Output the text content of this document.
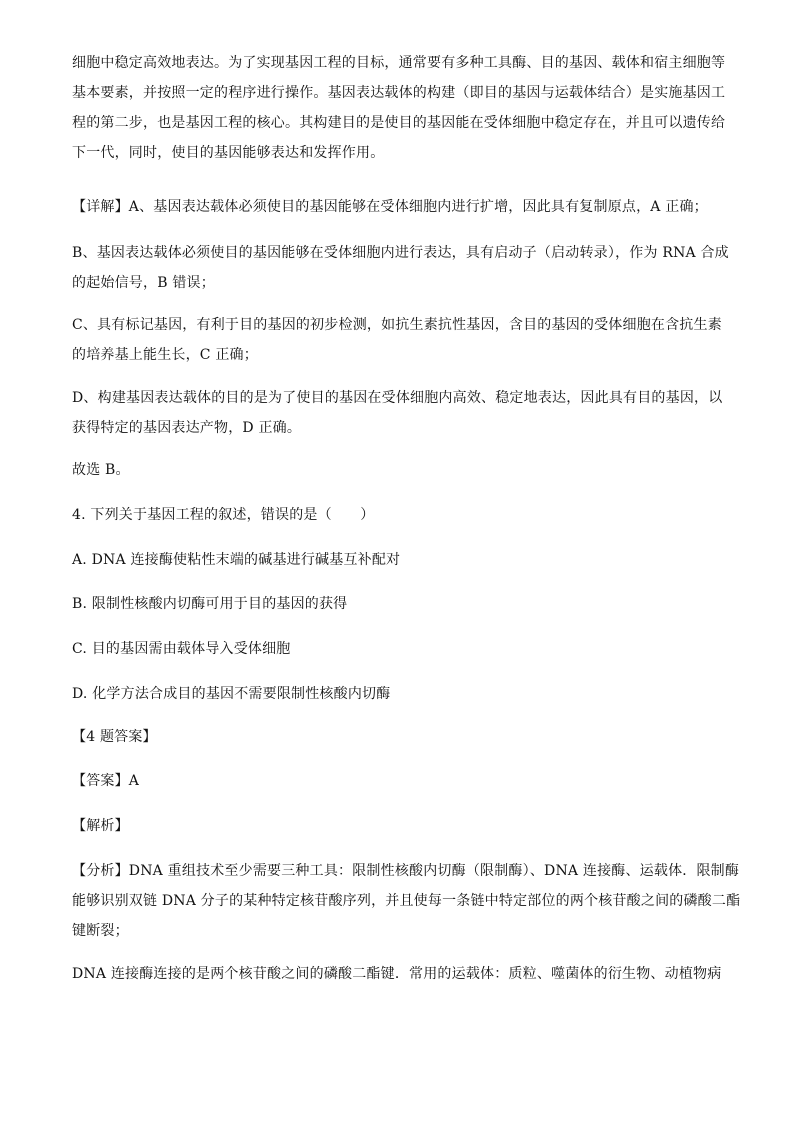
细胞中稳定高效地表达。为了实现基因工程的目标，通常要有多种工具酶、目的基因、载体和宿主细胞等
基本要素，并按照一定的程序进行操作。基因表达载体的构建（即目的基因与运载体结合）是实施基因工
程的第二步，也是基因工程的核心。其构建目的是使目的基因能在受体细胞中稳定存在，并且可以遗传给
下一代，同时，使目的基因能够表达和发挥作用。
【详解】A、基因表达载体必须使目的基因能够在受体细胞内进行扩增，因此具有复制原点，A 正确；
B、基因表达载体必须使目的基因能够在受体细胞内进行表达，具有启动子（启动转录），作为 RNA 合成
的起始信号，B 错误；
C、具有标记基因，有利于目的基因的初步检测，如抗生素抗性基因，含目的基因的受体细胞在含抗生素
的培养基上能生长，C 正确；
D、构建基因表达载体的目的是为了使目的基因在受体细胞内高效、稳定地表达，因此具有目的基因，以
获得特定的基因表达产物，D 正确。
故选 B。
4. 下列关于基因工程的叙述，错误的是（　　）
A. DNA 连接酶使粘性末端的碱基进行碱基互补配对
B. 限制性核酸内切酶可用于目的基因的获得
C. 目的基因需由载体导入受体细胞
D. 化学方法合成目的基因不需要限制性核酸内切酶
【4 题答案】
【答案】A
【解析】
【分析】DNA 重组技术至少需要三种工具：限制性核酸内切酶（限制酶）、DNA 连接酶、运载体．限制酶
能够识别双链 DNA 分子的某种特定核苷酸序列，并且使每一条链中特定部位的两个核苷酸之间的磷酸二酯
键断裂；
DNA 连接酶连接的是两个核苷酸之间的磷酸二酯键．常用的运载体：质粒、噬菌体的衍生物、动植物病
